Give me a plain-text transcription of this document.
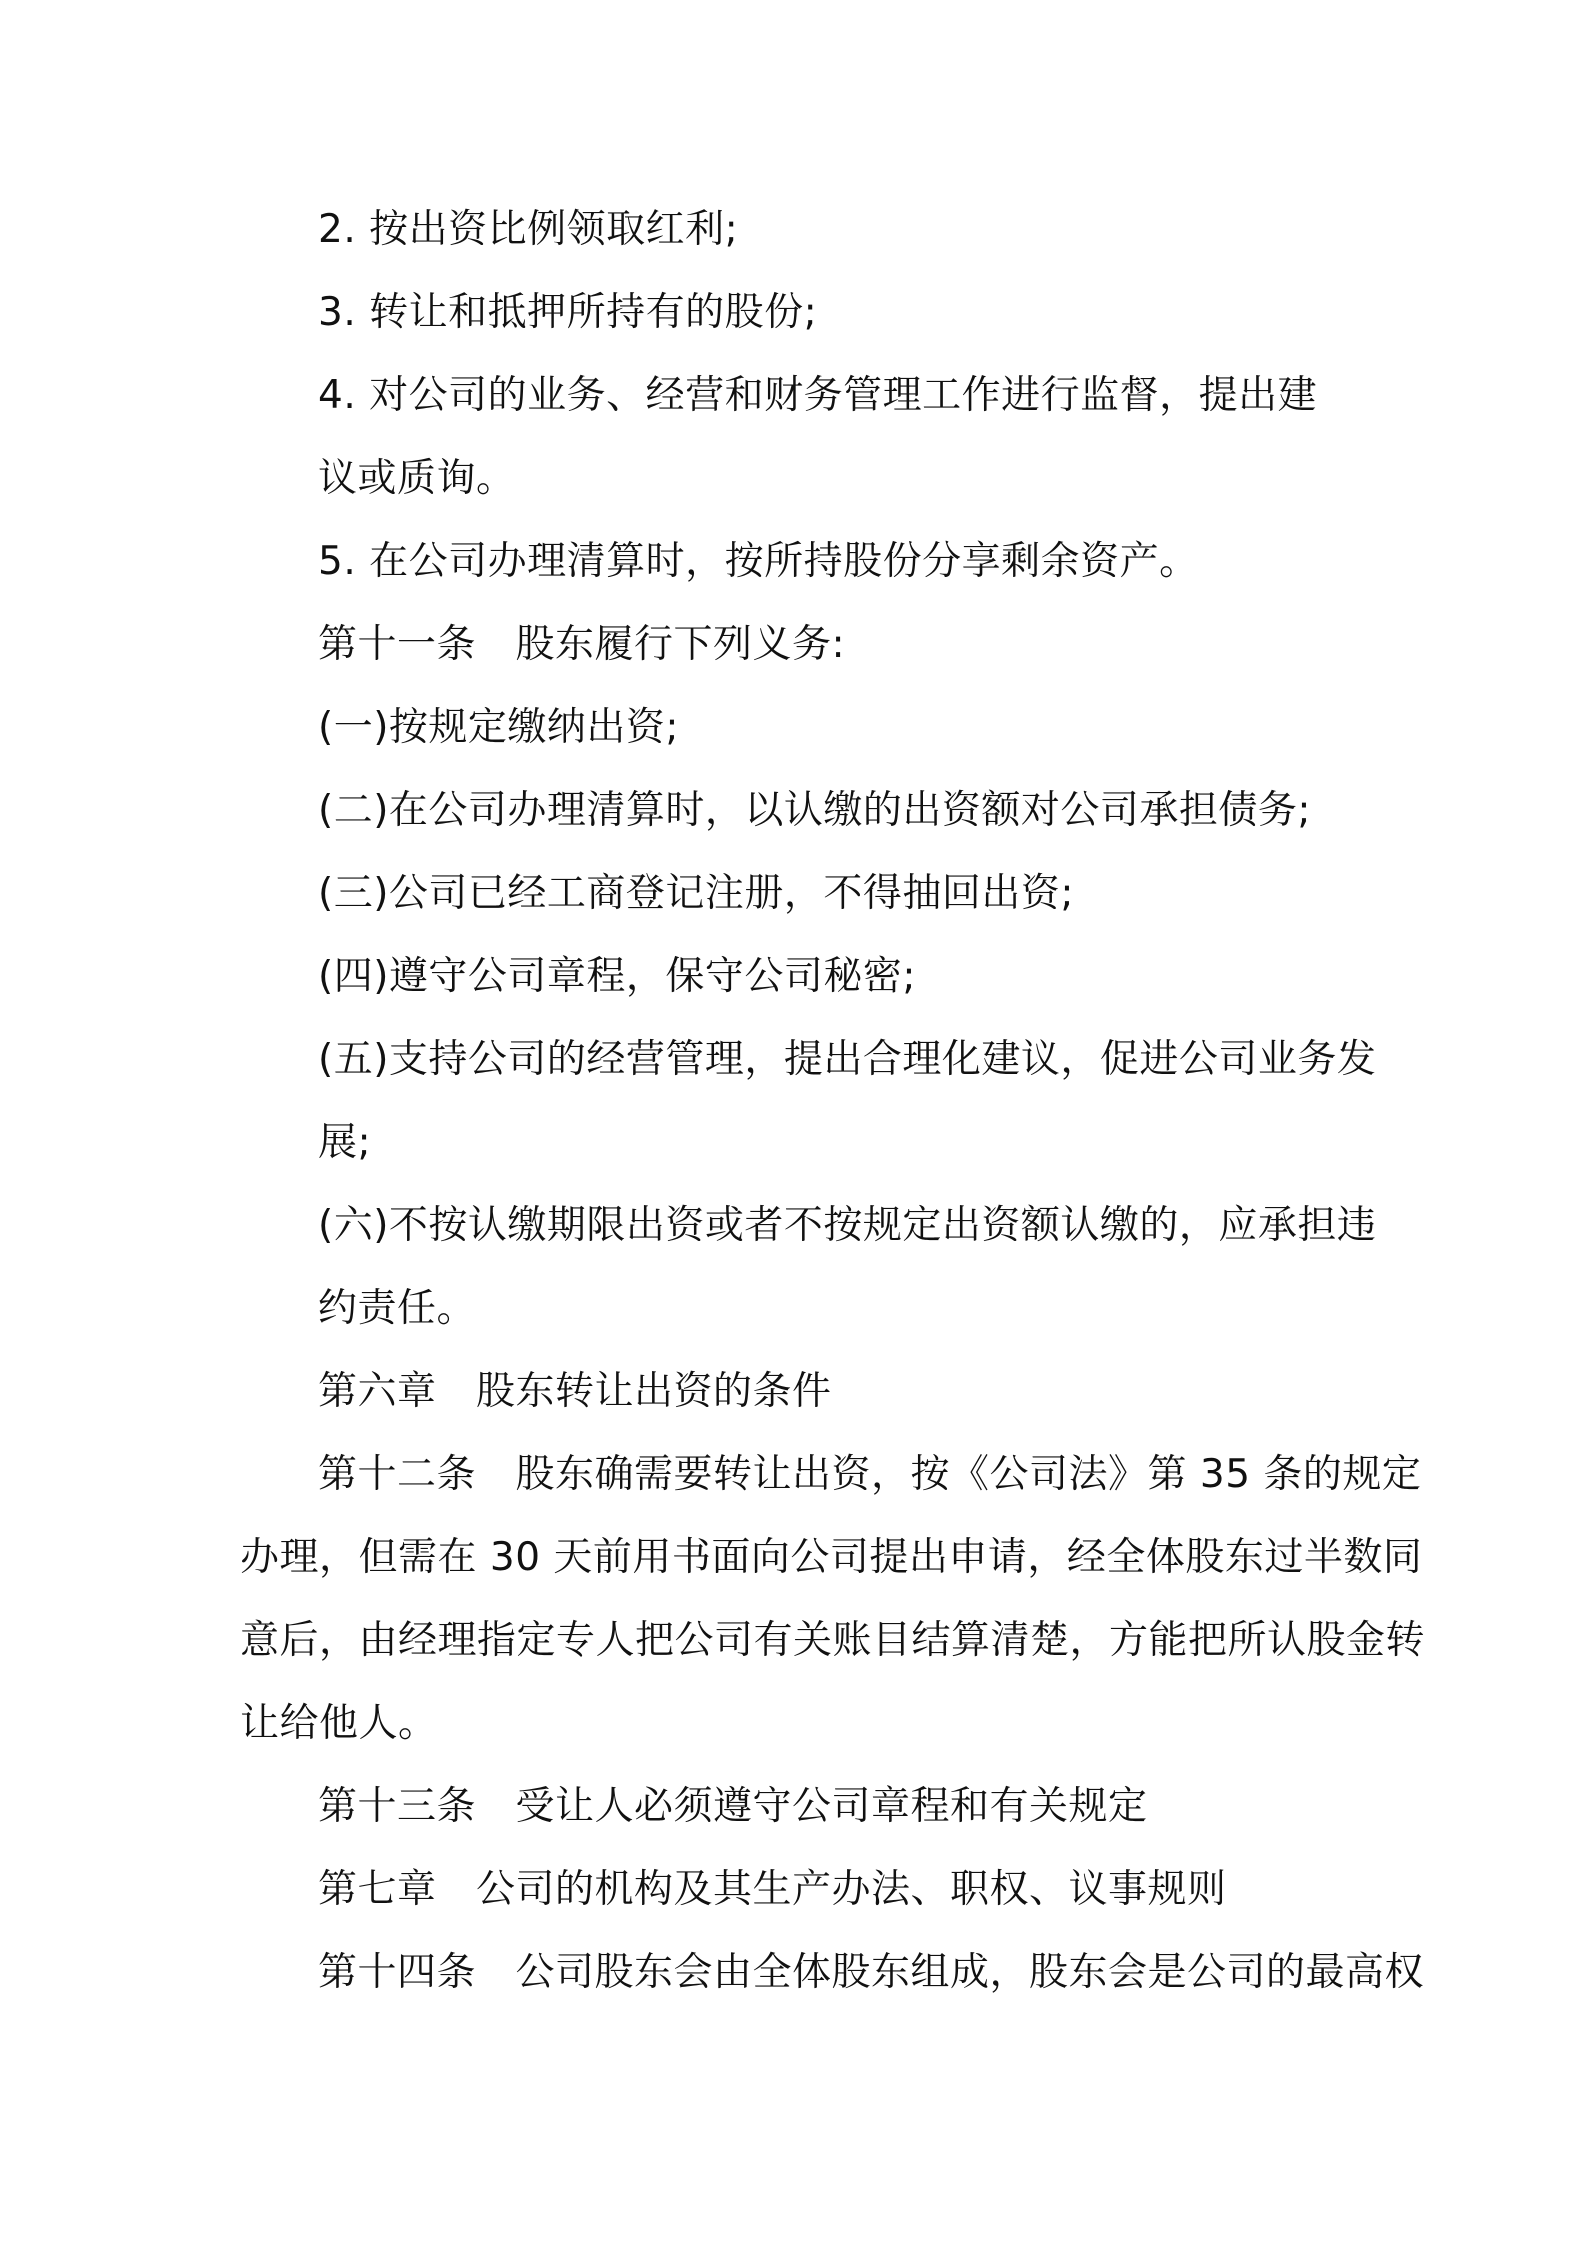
2. 按出资比例领取红利;
3. 转让和抵押所持有的股份;
4. 对公司的业务、经营和财务管理工作进行监督，提出建
议或质询。
5. 在公司办理清算时，按所持股份分享剩余资产。
第十一条　股东履行下列义务:
(一)按规定缴纳出资;
(二)在公司办理清算时，以认缴的出资额对公司承担债务;
(三)公司已经工商登记注册，不得抽回出资;
(四)遵守公司章程，保守公司秘密;
(五)支持公司的经营管理，提出合理化建议，促进公司业务发
展;
(六)不按认缴期限出资或者不按规定出资额认缴的，应承担违
约责任。
第六章　股东转让出资的条件
第十二条　股东确需要转让出资，按《公司法》第 35 条的规定
办理，但需在 30 天前用书面向公司提出申请，经全体股东过半数同
意后，由经理指定专人把公司有关账目结算清楚，方能把所认股金转
让给他人。
第十三条　受让人必须遵守公司章程和有关规定
第七章　公司的机构及其生产办法、职权、议事规则
第十四条　公司股东会由全体股东组成，股东会是公司的最高权
